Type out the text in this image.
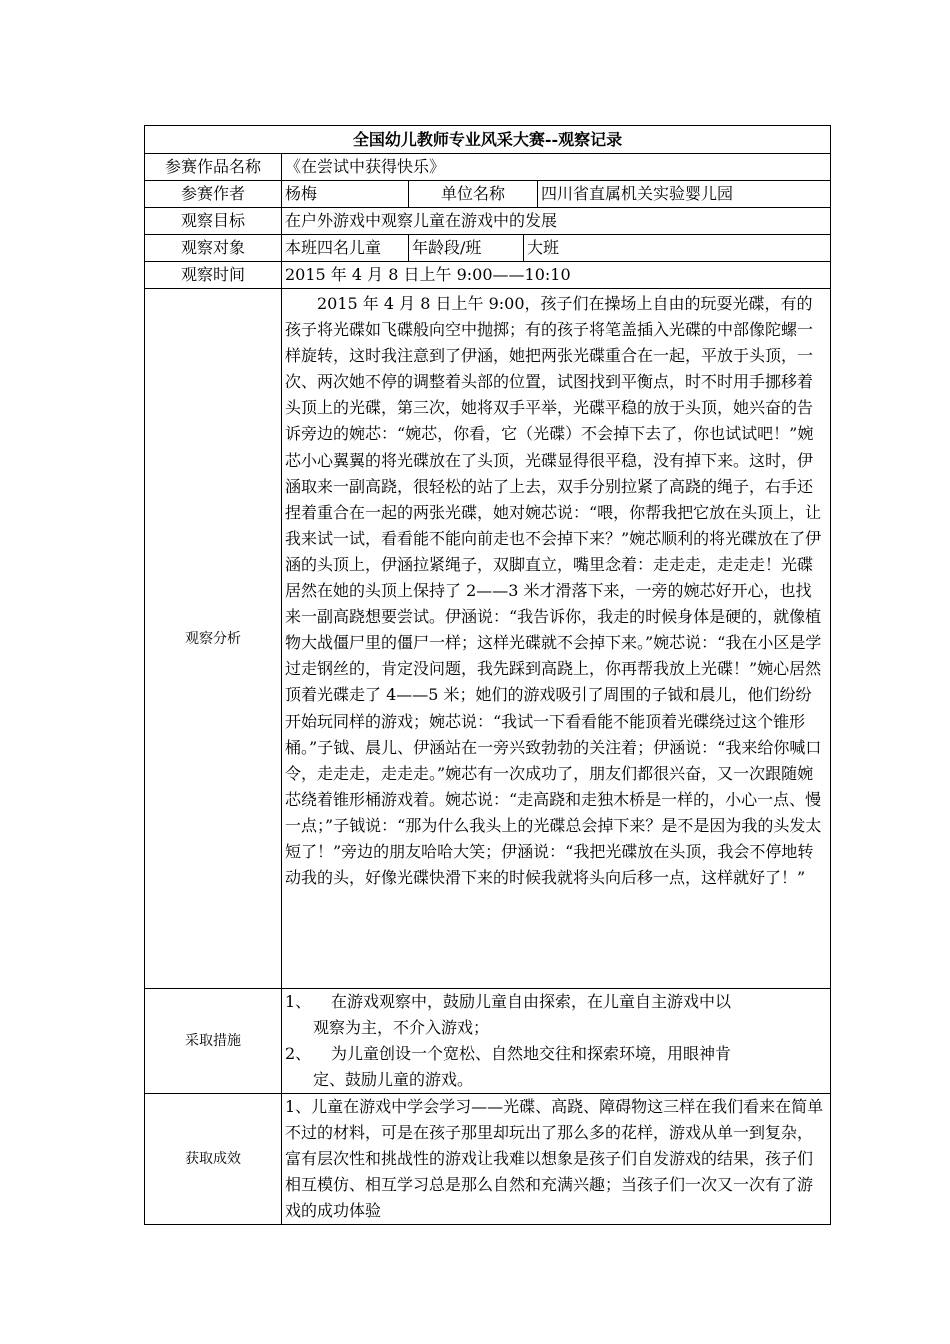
全国幼儿教师专业风采大赛--观察记录				
参赛作品名称	《在尝试中获得快乐》			
参赛作者	杨梅	单位名称		四川省直属机关实验婴儿园
观察目标	在户外游戏中观察儿童在游戏中的发展			
观察对象	本班四名儿童	年龄段/班	大班	
观察时间	2015 年 4 月 8 日上午 9:00——10:10			
观察分析	2015 年 4 月 8 日上午 9:00，孩子们在操场上自由的玩耍光碟，有的孩子将光碟如飞碟般向空中抛掷；有的孩子将笔盖插入光碟的中部像陀螺一样旋转，这时我注意到了伊涵，她把两张光碟重合在一起，平放于头顶，一次、两次她不停的调整着头部的位置，试图找到平衡点，时不时用手挪移着头顶上的光碟，第三次，她将双手平举，光碟平稳的放于头顶，她兴奋的告诉旁边的婉芯：“婉芯，你看，它（光碟）不会掉下去了，你也试试吧！”婉芯小心翼翼的将光碟放在了头顶，光碟显得很平稳，没有掉下来。这时，伊涵取来一副高跷，很轻松的站了上去，双手分别拉紧了高跷的绳子，右手还捏着重合在一起的两张光碟，她对婉芯说：“喂，你帮我把它放在头顶上，让我来试一试，看看能不能向前走也不会掉下来？”婉芯顺利的将光碟放在了伊涵的头顶上，伊涵拉紧绳子，双脚直立，嘴里念着：走走走，走走走！光碟居然在她的头顶上保持了 2——3 米才滑落下来，一旁的婉芯好开心，也找来一副高跷想要尝试。伊涵说：“我告诉你，我走的时候身体是硬的，就像植物大战僵尸里的僵尸一样；这样光碟就不会掉下来。”婉芯说：“我在小区是学过走钢丝的，肯定没问题，我先踩到高跷上，你再帮我放上光碟！”婉心居然顶着光碟走了 4——5 米；她们的游戏吸引了周围的子钺和晨儿，他们纷纷开始玩同样的游戏；婉芯说：“我试一下看看能不能顶着光碟绕过这个锥形桶。”子钺、晨儿、伊涵站在一旁兴致勃勃的关注着；伊涵说：“我来给你喊口令，走走走，走走走。”婉芯有一次成功了，朋友们都很兴奋，又一次跟随婉芯绕着锥形桶游戏着。婉芯说：“走高跷和走独木桥是一样的，小心一点、慢一点；”子钺说：“那为什么我头上的光碟总会掉下来？是不是因为我的头发太短了！”旁边的朋友哈哈大笑；伊涵说：“我把光碟放在头顶，我会不停地转动我的头，好像光碟快滑下来的时候我就将头向后移一点，这样就好了！”			
采取措施	1、 在游戏观察中，鼓励儿童自由探索，在儿童自主游戏中以
观察为主，不介入游戏；
2、 为儿童创设一个宽松、自然地交往和探索环境，用眼神肯
定、鼓励儿童的游戏。			

获取成效	1、儿童在游戏中学会学习——光碟、高跷、障碍物这三样在我们看来在简单不过的材料，可是在孩子那里却玩出了那么多的花样，游戏从单一到复杂，富有层次性和挑战性的游戏让我难以想象是孩子们自发游戏的结果，孩子们相互模仿、相互学习总是那么自然和充满兴趣；当孩子们一次又一次有了游戏的成功体验			
